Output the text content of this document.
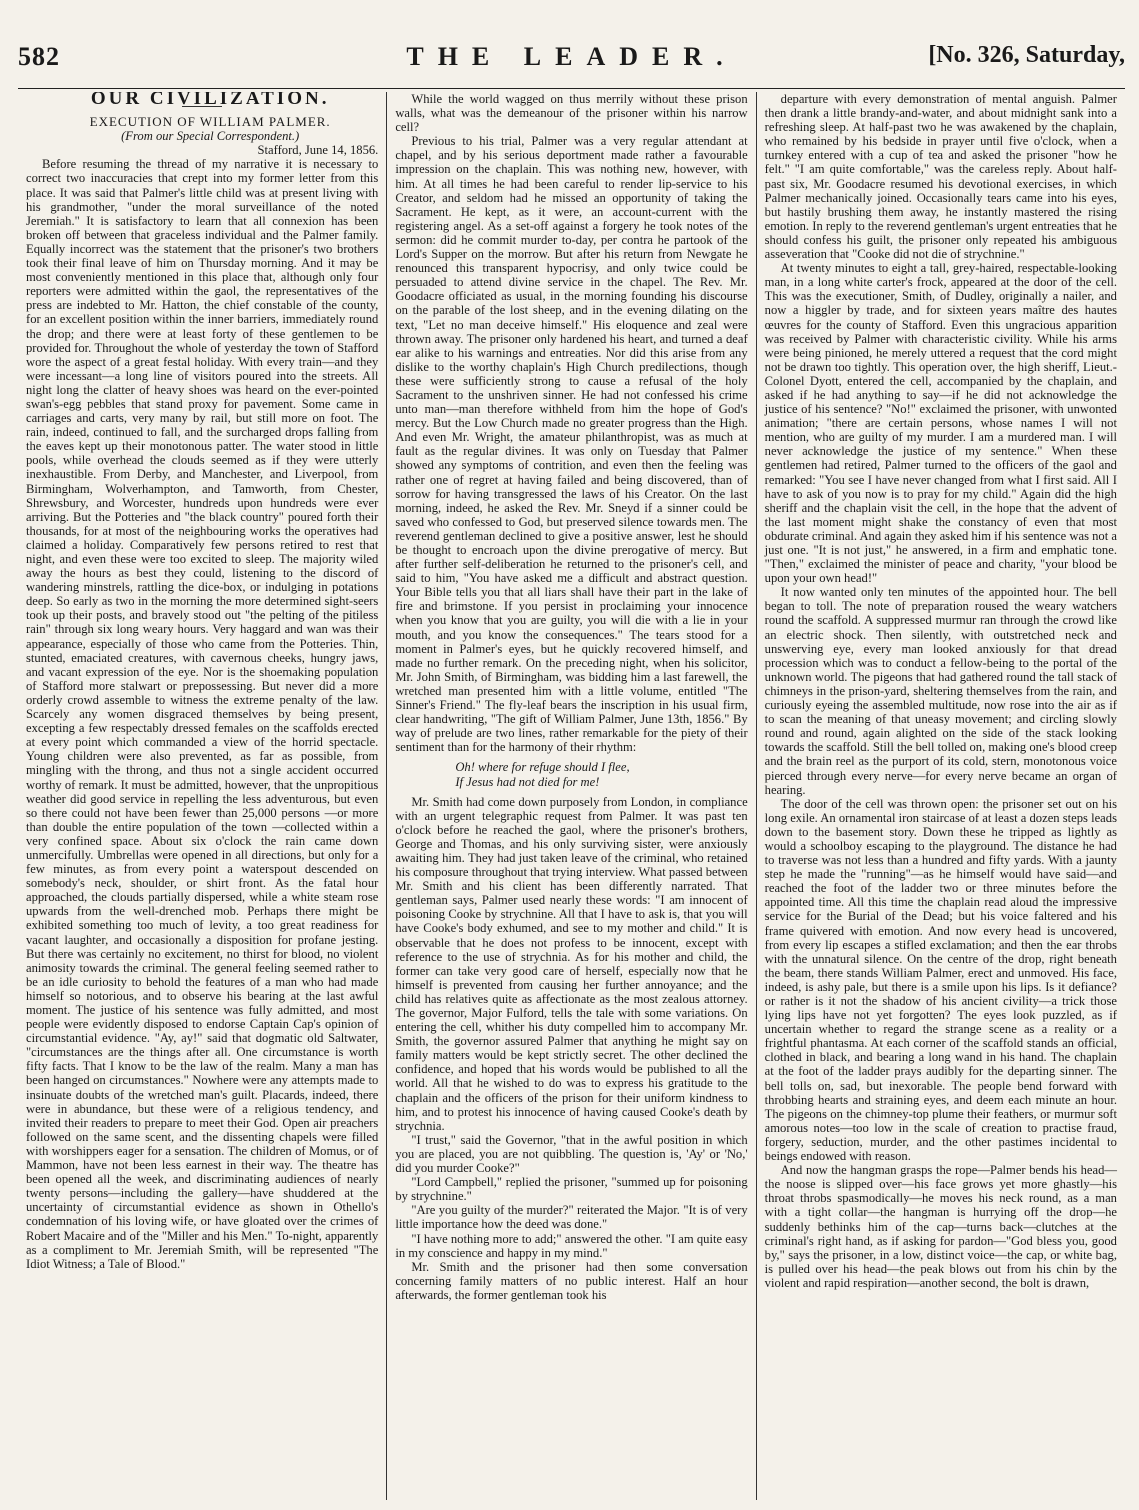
582	THE LEADER.	[No. 326, Saturday,

OUR CIVILIZATION.

EXECUTION OF WILLIAM PALMER.

(From our Special Correspondent.)

Stafford, June 14, 1856.

Before resuming the thread of my narrative it is necessary to correct two inaccuracies that crept into my former letter from this place. It was said that Palmer's little child was at present living with his grandmother, "under the moral surveillance of the noted Jeremiah." It is satisfactory to learn that all connexion has been broken off between that graceless individual and the Palmer family. Equally incorrect was the statement that the prisoner's two brothers took their final leave of him on Thursday morning. And it may be most conveniently mentioned in this place that, although only four reporters were admitted within the gaol, the representatives of the press are indebted to Mr. Hatton, the chief constable of the county, for an excellent position within the inner barriers, immediately round the drop; and there were at least forty of these gentlemen to be provided for. Throughout the whole of yesterday the town of Stafford wore the aspect of a great festal holiday. With every train—and they were incessant—a long line of visitors poured into the streets. All night long the clatter of heavy shoes was heard on the ever-pointed swan's-egg pebbles that stand proxy for pavement. Some came in carriages and carts, very many by rail, but still more on foot. The rain, indeed, continued to fall, and the surcharged drops falling from the eaves kept up their monotonous patter. The water stood in little pools, while overhead the clouds seemed as if they were utterly inexhaustible. From Derby, and Manchester, and Liverpool, from Birmingham, Wolverhampton, and Tamworth, from Chester, Shrewsbury, and Worcester, hundreds upon hundreds were ever arriving. But the Potteries and "the black country" poured forth their thousands, for at most of the neighbouring works the operatives had claimed a holiday. Comparatively few persons retired to rest that night, and even these were too excited to sleep. The majority wiled away the hours as best they could, listening to the discord of wandering minstrels, rattling the dice-box, or indulging in potations deep. So early as two in the morning the more determined sight-seers took up their posts, and bravely stood out "the pelting of the pitiless rain" through six long weary hours. Very haggard and wan was their appearance, especially of those who came from the Potteries. Thin, stunted, emaciated creatures, with cavernous cheeks, hungry jaws, and vacant expression of the eye. Nor is the shoemaking population of Stafford more stalwart or prepossessing. But never did a more orderly crowd assemble to witness the extreme penalty of the law. Scarcely any women disgraced themselves by being present, excepting a few respectably dressed females on the scaffolds erected at every point which commanded a view of the horrid spectacle. Young children were also prevented, as far as possible, from mingling with the throng, and thus not a single accident occurred worthy of remark. It must be admitted, however, that the unpropitious weather did good service in repelling the less adventurous, but even so there could not have been fewer than 25,000 persons —or more than double the entire population of the town —collected within a very confined space. About six o'clock the rain came down unmercifully. Umbrellas were opened in all directions, but only for a few minutes, as from every point a waterspout descended on somebody's neck, shoulder, or shirt front. As the fatal hour approached, the clouds partially dispersed, while a white steam rose upwards from the well-drenched mob. Perhaps there might be exhibited something too much of levity, a too great readiness for vacant laughter, and occasionally a disposition for profane jesting. But there was certainly no excitement, no thirst for blood, no violent animosity towards the criminal. The general feeling seemed rather to be an idle curiosity to behold the features of a man who had made himself so notorious, and to observe his bearing at the last awful moment. The justice of his sentence was fully admitted, and most people were evidently disposed to endorse Captain Cap's opinion of circumstantial evidence. "Ay, ay!" said that dogmatic old Saltwater, "circumstances are the things after all. One circumstance is worth fifty facts. That I know to be the law of the realm. Many a man has been hanged on circumstances." Nowhere were any attempts made to insinuate doubts of the wretched man's guilt. Placards, indeed, there were in abundance, but these were of a religious tendency, and invited their readers to prepare to meet their God. Open air preachers followed on the same scent, and the dissenting chapels were filled with worshippers eager for a sensation. The children of Momus, or of Mammon, have not been less earnest in their way. The theatre has been opened all the week, and discriminating audiences of nearly twenty persons—including the gallery—have shuddered at the uncertainty of circumstantial evidence as shown in Othello's condemnation of his loving wife, or have gloated over the crimes of Robert Macaire and of the "Miller and his Men." To-night, apparently as a compliment to Mr. Jeremiah Smith, will be represented "The Idiot Witness; a Tale of Blood."

While the world wagged on thus merrily without these prison walls, what was the demeanour of the prisoner within his narrow cell?

Previous to his trial, Palmer was a very regular attendant at chapel, and by his serious deportment made rather a favourable impression on the chaplain. This was nothing new, however, with him. At all times he had been careful to render lip-service to his Creator, and seldom had he missed an opportunity of taking the Sacrament. He kept, as it were, an account-current with the registering angel. As a set-off against a forgery he took notes of the sermon: did he commit murder to-day, per contra he partook of the Lord's Supper on the morrow. But after his return from Newgate he renounced this transparent hypocrisy, and only twice could be persuaded to attend divine service in the chapel. The Rev. Mr. Goodacre officiated as usual, in the morning founding his discourse on the parable of the lost sheep, and in the evening dilating on the text, "Let no man deceive himself." His eloquence and zeal were thrown away. The prisoner only hardened his heart, and turned a deaf ear alike to his warnings and entreaties. Nor did this arise from any dislike to the worthy chaplain's High Church predilections, though these were sufficiently strong to cause a refusal of the holy Sacrament to the unshriven sinner. He had not confessed his crime unto man—man therefore withheld from him the hope of God's mercy. But the Low Church made no greater progress than the High. And even Mr. Wright, the amateur philanthropist, was as much at fault as the regular divines. It was only on Tuesday that Palmer showed any symptoms of contrition, and even then the feeling was rather one of regret at having failed and being discovered, than of sorrow for having transgressed the laws of his Creator. On the last morning, indeed, he asked the Rev. Mr. Sneyd if a sinner could be saved who confessed to God, but preserved silence towards men. The reverend gentleman declined to give a positive answer, lest he should be thought to encroach upon the divine prerogative of mercy. But after further self-deliberation he returned to the prisoner's cell, and said to him, "You have asked me a difficult and abstract question. Your Bible tells you that all liars shall have their part in the lake of fire and brimstone. If you persist in proclaiming your innocence when you know that you are guilty, you will die with a lie in your mouth, and you know the consequences." The tears stood for a moment in Palmer's eyes, but he quickly recovered himself, and made no further remark. On the preceding night, when his solicitor, Mr. John Smith, of Birmingham, was bidding him a last farewell, the wretched man presented him with a little volume, entitled "The Sinner's Friend." The fly-leaf bears the inscription in his usual firm, clear handwriting, "The gift of William Palmer, June 13th, 1856." By way of prelude are two lines, rather remarkable for the piety of their sentiment than for the harmony of their rhythm:

Oh! where for refuge should I flee,
If Jesus had not died for me!

Mr. Smith had come down purposely from London, in compliance with an urgent telegraphic request from Palmer. It was past ten o'clock before he reached the gaol, where the prisoner's brothers, George and Thomas, and his only surviving sister, were anxiously awaiting him. They had just taken leave of the criminal, who retained his composure throughout that trying interview. What passed between Mr. Smith and his client has been differently narrated. That gentleman says, Palmer used nearly these words: "I am innocent of poisoning Cooke by strychnine. All that I have to ask is, that you will have Cooke's body exhumed, and see to my mother and child." It is observable that he does not profess to be innocent, except with reference to the use of strychnia. As for his mother and child, the former can take very good care of herself, especially now that he himself is prevented from causing her further annoyance; and the child has relatives quite as affectionate as the most zealous attorney. The governor, Major Fulford, tells the tale with some variations. On entering the cell, whither his duty compelled him to accompany Mr. Smith, the governor assured Palmer that anything he might say on family matters would be kept strictly secret. The other declined the confidence, and hoped that his words would be published to all the world. All that he wished to do was to express his gratitude to the chaplain and the officers of the prison for their uniform kindness to him, and to protest his innocence of having caused Cooke's death by strychnia.

"I trust," said the Governor, "that in the awful position in which you are placed, you are not quibbling. The question is, 'Ay' or 'No,' did you murder Cooke?"

"Lord Campbell," replied the prisoner, "summed up for poisoning by strychnine."

"Are you guilty of the murder?" reiterated the Major. "It is of very little importance how the deed was done."

"I have nothing more to add;" answered the other. "I am quite easy in my conscience and happy in my mind."

Mr. Smith and the prisoner had then some conversation concerning family matters of no public interest. Half an hour afterwards, the former gentleman took his

departure with every demonstration of mental anguish. Palmer then drank a little brandy-and-water, and about midnight sank into a refreshing sleep. At half-past two he was awakened by the chaplain, who remained by his bedside in prayer until five o'clock, when a turnkey entered with a cup of tea and asked the prisoner "how he felt." "I am quite comfortable," was the careless reply. About half-past six, Mr. Goodacre resumed his devotional exercises, in which Palmer mechanically joined. Occasionally tears came into his eyes, but hastily brushing them away, he instantly mastered the rising emotion. In reply to the reverend gentleman's urgent entreaties that he should confess his guilt, the prisoner only repeated his ambiguous asseveration that "Cooke did not die of strychnine."

At twenty minutes to eight a tall, grey-haired, respectable-looking man, in a long white carter's frock, appeared at the door of the cell. This was the executioner, Smith, of Dudley, originally a nailer, and now a higgler by trade, and for sixteen years maître des hautes œuvres for the county of Stafford. Even this ungracious apparition was received by Palmer with characteristic civility. While his arms were being pinioned, he merely uttered a request that the cord might not be drawn too tightly. This operation over, the high sheriff, Lieut.-Colonel Dyott, entered the cell, accompanied by the chaplain, and asked if he had anything to say—if he did not acknowledge the justice of his sentence? "No!" exclaimed the prisoner, with unwonted animation; "there are certain persons, whose names I will not mention, who are guilty of my murder. I am a murdered man. I will never acknowledge the justice of my sentence." When these gentlemen had retired, Palmer turned to the officers of the gaol and remarked: "You see I have never changed from what I first said. All I have to ask of you now is to pray for my child." Again did the high sheriff and the chaplain visit the cell, in the hope that the advent of the last moment might shake the constancy of even that most obdurate criminal. And again they asked him if his sentence was not a just one. "It is not just," he answered, in a firm and emphatic tone. "Then," exclaimed the minister of peace and charity, "your blood be upon your own head!"

It now wanted only ten minutes of the appointed hour. The bell began to toll. The note of preparation roused the weary watchers round the scaffold. A suppressed murmur ran through the crowd like an electric shock. Then silently, with outstretched neck and unswerving eye, every man looked anxiously for that dread procession which was to conduct a fellow-being to the portal of the unknown world. The pigeons that had gathered round the tall stack of chimneys in the prison-yard, sheltering themselves from the rain, and curiously eyeing the assembled multitude, now rose into the air as if to scan the meaning of that uneasy movement; and circling slowly round and round, again alighted on the side of the stack looking towards the scaffold. Still the bell tolled on, making one's blood creep and the brain reel as the purport of its cold, stern, monotonous voice pierced through every nerve—for every nerve became an organ of hearing.

The door of the cell was thrown open: the prisoner set out on his long exile. An ornamental iron staircase of at least a dozen steps leads down to the basement story. Down these he tripped as lightly as would a schoolboy escaping to the playground. The distance he had to traverse was not less than a hundred and fifty yards. With a jaunty step he made the "running"—as he himself would have said—and reached the foot of the ladder two or three minutes before the appointed time. All this time the chaplain read aloud the impressive service for the Burial of the Dead; but his voice faltered and his frame quivered with emotion. And now every head is uncovered, from every lip escapes a stifled exclamation; and then the ear throbs with the unnatural silence. On the centre of the drop, right beneath the beam, there stands William Palmer, erect and unmoved. His face, indeed, is ashy pale, but there is a smile upon his lips. Is it defiance? or rather is it not the shadow of his ancient civility—a trick those lying lips have not yet forgotten? The eyes look puzzled, as if uncertain whether to regard the strange scene as a reality or a frightful phantasma. At each corner of the scaffold stands an official, clothed in black, and bearing a long wand in his hand. The chaplain at the foot of the ladder prays audibly for the departing sinner. The bell tolls on, sad, but inexorable. The people bend forward with throbbing hearts and straining eyes, and deem each minute an hour. The pigeons on the chimney-top plume their feathers, or murmur soft amorous notes—too low in the scale of creation to practise fraud, forgery, seduction, murder, and the other pastimes incidental to beings endowed with reason.

And now the hangman grasps the rope—Palmer bends his head—the noose is slipped over—his face grows yet more ghastly—his throat throbs spasmodically—he moves his neck round, as a man with a tight collar—the hangman is hurrying off the drop—he suddenly bethinks him of the cap—turns back—clutches at the criminal's right hand, as if asking for pardon—"God bless you, good by," says the prisoner, in a low, distinct voice—the cap, or white bag, is pulled over his head—the peak blows out from his chin by the violent and rapid respiration—another second, the bolt is drawn,
